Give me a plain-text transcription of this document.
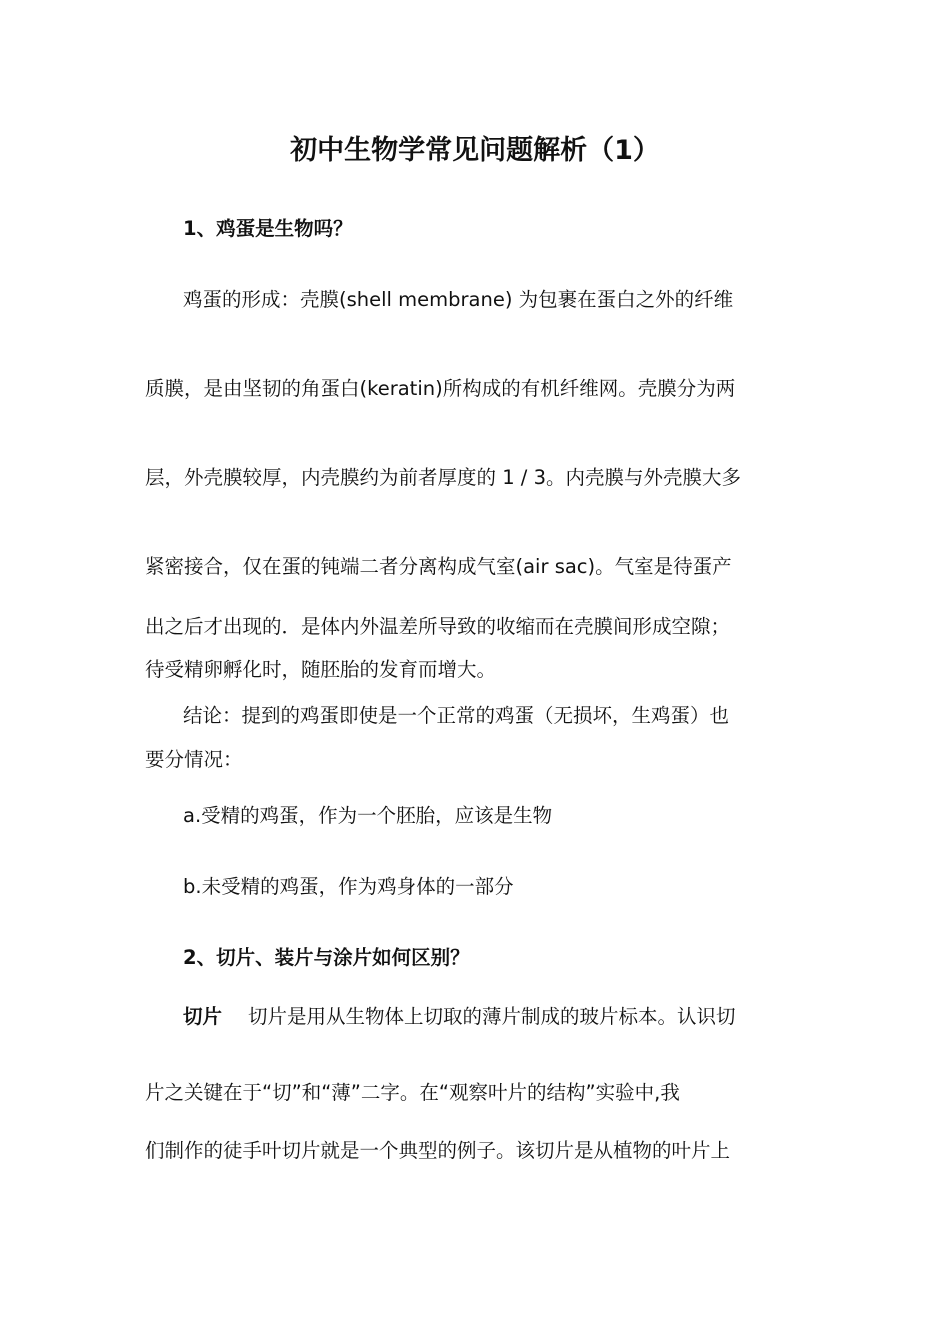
初中生物学常见问题解析（1）
1、鸡蛋是生物吗？
鸡蛋的形成：壳膜(shell membrane) 为包裹在蛋白之外的纤维
质膜，是由坚韧的角蛋白(keratin)所构成的有机纤维网。壳膜分为两
层，外壳膜较厚，内壳膜约为前者厚度的 1 / 3。内壳膜与外壳膜大多
紧密接合，仅在蛋的钝端二者分离构成气室(air sac)。气室是待蛋产
出之后才出现的．是体内外温差所导致的收缩而在壳膜间形成空隙；
待受精卵孵化时，随胚胎的发育而增大。
结论：提到的鸡蛋即使是一个正常的鸡蛋（无损坏，生鸡蛋）也
要分情况：
a.受精的鸡蛋，作为一个胚胎，应该是生物
b.未受精的鸡蛋，作为鸡身体的一部分
2、切片、装片与涂片如何区别？
切片 切片是用从生物体上切取的薄片制成的玻片标本。认识切
片之关键在于“切”和“薄”二字。在“观察叶片的结构”实验中,我
们制作的徒手叶切片就是一个典型的例子。该切片是从植物的叶片上
